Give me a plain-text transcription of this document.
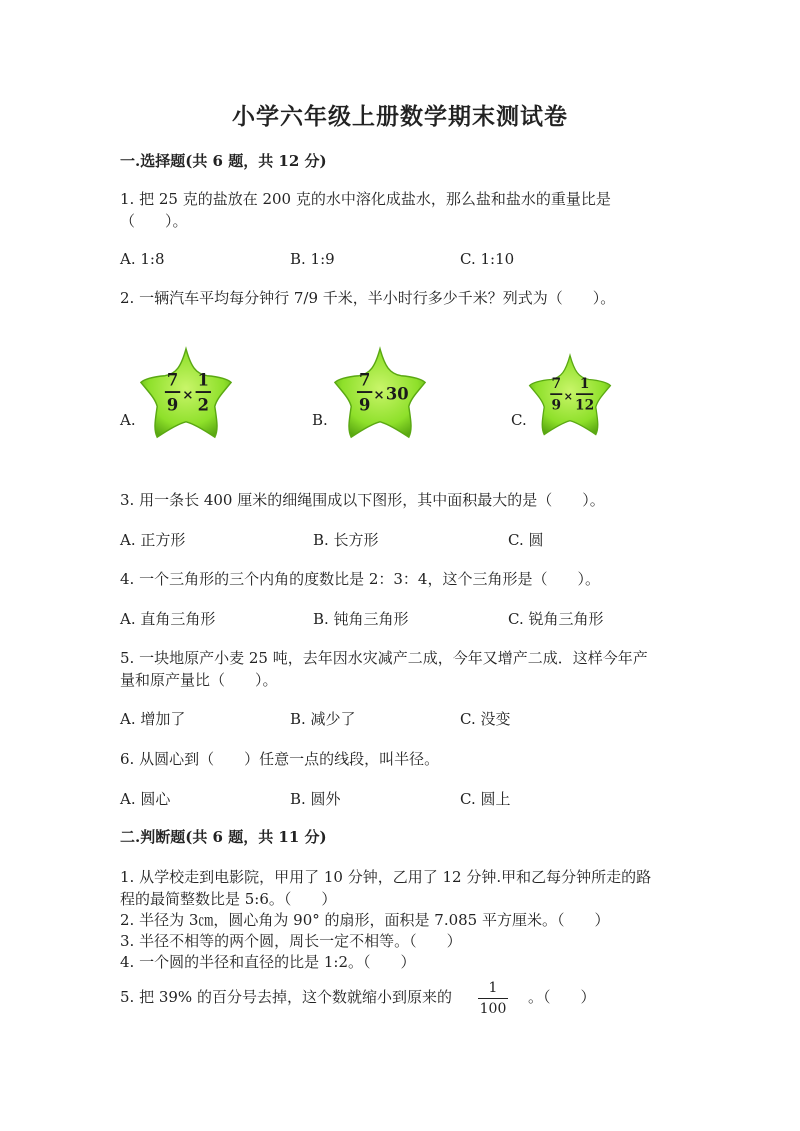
小学六年级上册数学期末测试卷
一.选择题(共 6 题，共 12 分)
1. 把 25 克的盐放在 200 克的水中溶化成盐水，那么盐和盐水的重量比是
（　　）。
A. 1:8	B. 1:9	C. 1:10
2. 一辆汽车平均每分钟行 7/9 千米，半小时行多少千米？列式为（　　）。
A.
7
9
×
1
2
B.
7
9
× 30
C.
7
9
×
1
12
3. 用一条长 400 厘米的细绳围成以下图形，其中面积最大的是（　　）。
A. 正方形	B. 长方形	C. 圆
4. 一个三角形的三个内角的度数比是 2：3：4，这个三角形是（　　）。
A. 直角三角形	B. 钝角三角形	C. 锐角三角形
5. 一块地原产小麦 25 吨，去年因水灾减产二成，今年又增产二成．这样今年产
量和原产量比（　　）。
A. 增加了	B. 减少了	C. 没变
6. 从圆心到（　　）任意一点的线段，叫半径。
A. 圆心	B. 圆外	C. 圆上
二.判断题(共 6 题，共 11 分)
1. 从学校走到电影院，甲用了 10 分钟，乙用了 12 分钟.甲和乙每分钟所走的路
程的最简整数比是 5:6。（　　）
2. 半径为 3㎝，圆心角为 90° 的扇形，面积是 7.085 平方厘米。（　　）
3. 半径不相等的两个圆，周长一定不相等。（　　）
4. 一个圆的半径和直径的比是 1:2。（　　）
5. 把 39% 的百分号去掉，这个数就缩小到原来的	1
100
。（　　）
